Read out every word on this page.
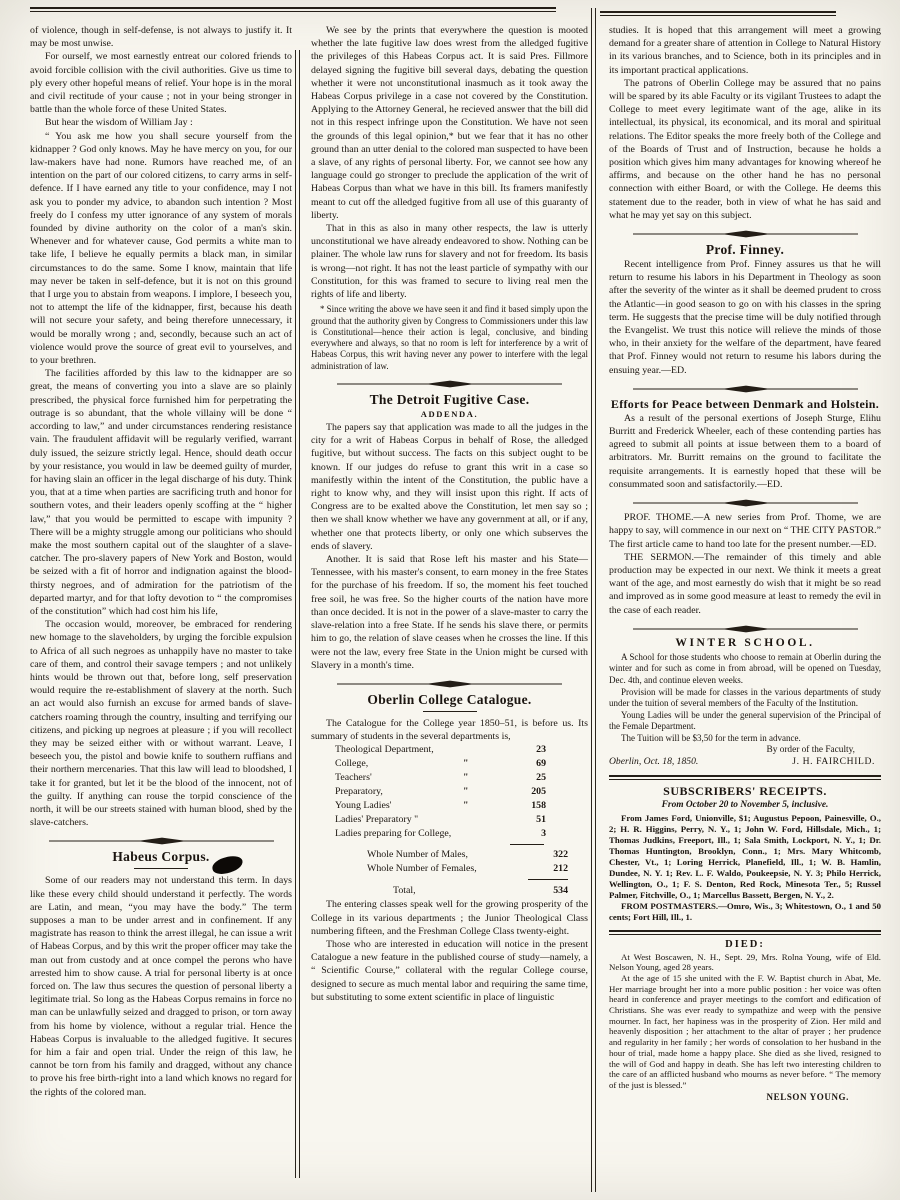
of violence, though in self-defense, is not always to justify it. It may be most unwise.

For ourself, we most earnestly entreat our colored friends to avoid forcible collision with the civil authorities. Give us time to ply every other hopeful means of relief. Your hope is in the moral and civil rectitude of your cause ; not in your being stronger in battle than the whole force of these United States.

But hear the wisdom of William Jay :

“ You ask me how you shall secure yourself from the kidnapper ? God only knows. May he have mercy on you, for our law-makers have had none. Rumors have reached me, of an intention on the part of our colored citizens, to carry arms in self-defence. If I have earned any title to your confidence, may I not ask you to ponder my advice, to abandon such intention ? Most freely do I confess my utter ignorance of any system of morals founded by divine authority on the color of a man's skin. Whenever and for whatever cause, God permits a white man to take life, I believe he equally permits a black man, in similar circumstances to do the same. Some I know, maintain that life may never be taken in self-defence, but it is not on this ground that I urge you to abstain from weapons. I implore, I beseech you, not to attempt the life of the kidnapper, first, because his death will not secure your safety, and being therefore unnecessary, it would be morally wrong ; and, secondly, because such an act of violence would prove the source of great evil to yourselves, and to your brethren.

The facilities afforded by this law to the kidnapper are so great, the means of converting you into a slave are so plainly prescribed, the physical force furnished him for perpetrating the outrage is so abundant, that the whole villainy will be done “ according to law,” and under circumstances rendering resistance vain. The fraudulent affidavit will be regularly verified, warrant duly issued, the seizure strictly legal. Hence, should death occur by your resistance, you would in law be deemed guilty of murder, for having slain an officer in the legal discharge of his duty. Think you, that at a time when parties are sacrificing truth and honor for southern votes, and their leaders openly scoffing at the “ higher law,” that you would be permitted to escape with impunity ? There will be a mighty struggle among our politicians who should make the most southern capital out of the slaughter of a slave-catcher. The pro-slavery papers of New York and Boston, would be seized with a fit of horror and indignation against the blood-thirsty negroes, and of admiration for the patriotism of the departed martyr, and for that lofty devotion to “ the compromises of the constitution” which had cost him his life,

The occasion would, moreover, be embraced for rendering new homage to the slaveholders, by urging the forcible expulsion to Africa of all such negroes as unhappily have no master to take care of them, and control their savage tempers ; and not unlikely hints would be thrown out that, before long, self preservation would require the re-establishment of slavery at the north. Such an act would also furnish an excuse for armed bands of slave-catchers roaming through the country, insulting and terrifying our citizens, and picking up negroes at pleasure ; if you will recollect they may be seized either with or without warrant. Leave, I beseech you, the pistol and bowie knife to southern ruffians and their northern mercenaries. That this law will lead to bloodshed, I take it for granted, but let it be the blood of the innocent, not of the guilty. If anything can rouse the torpid conscience of the north, it will be our streets stained with human blood, shed by the slave-catchers.

Habeus Corpus.

Some of our readers may not understand this term. In days like these every child should understand it perfectly. The words are Latin, and mean, “you may have the body.” The term supposes a man to be under arrest and in confinement. If any magistrate has reason to think the arrest illegal, he can issue a writ of Habeas Corpus, and by this writ the proper officer may take the man out from custody and at once compel the perons who have arrested him to show cause. A trial for personal liberty is at once forced on. The law thus secures the question of personal liberty a legitimate trial. So long as the Habeas Corpus remains in force no man can be unlawfully seized and dragged to prison, or torn away from his home by violence, without a regular trial. Hence the Habeas Corpus is invaluable to the alledged fugitive. It secures for him a fair and open trial. Under the reign of this law, he cannot be torn from his family and dragged, without any chance to prove his free birth-right into a land which knows no regard for the rights of the colored man.

We see by the prints that everywhere the question is mooted whether the late fugitive law does wrest from the alledged fugitive the privileges of this Habeas Corpus act. It is said Pres. Fillmore delayed signing the fugitive bill several days, debating the question whether it were not unconstitutional inasmuch as it took away the Habeas Corpus privilege in a case not covered by the Constitution. Applying to the Attorney General, he recieved answer that the bill did not in this respect infringe upon the Constitution. We have not seen the grounds of this legal opinion,* but we fear that it has no other ground than an utter denial to the colored man suspected to have been a slave, of any rights of personal liberty. For, we cannot see how any language could go stronger to preclude the application of the writ of Habeas Corpus than what we have in this bill. Its framers manifestly meant to cut off the alledged fugitive from all use of this guaranty of liberty.

That in this as also in many other respects, the law is utterly unconstitutional we have already endeavored to show. Nothing can be plainer. The whole law runs for slavery and not for freedom. Its basis is wrong—not right. It has not the least particle of sympathy with our Constitution, for this was framed to secure to living real men the rights of life and liberty.

* Since writing the above we have seen it and find it based simply upon the ground that the authority given by Congress to Commissioners under this law is Constitutional—hence their action is legal, conclusive, and binding everywhere and always, so that no room is left for interference by a writ of Habeas Corpus, this writ having never any power to interfere with the legal administration of law.

The Detroit Fugitive Case.
ADDENDA.

The papers say that application was made to all the judges in the city for a writ of Habeas Corpus in behalf of Rose, the alledged fugitive, but without success. The facts on this subject ought to be known. If our judges do refuse to grant this writ in a case so manifestly within the intent of the Constitution, the public have a right to know why, and they will insist upon this right. If acts of Congress are to be exalted above the Constitution, let men say so ; then we shall know whether we have any government at all, or if any, whether one that protects liberty, or only one which subserves the ends of slavery.

Another. It is said that Rose left his master and his State—Tennessee, with his master's consent, to earn money in the free States for the purchase of his freedom. If so, the moment his feet touched free soil, he was free. So the higher courts of the nation have more than once decided. It is not in the power of a slave-master to carry the slave-relation into a free State. If he sends his slave there, or permits him to go, the relation of slave ceases when he crosses the line. If this were not the law, every free State in the Union might be cursed with Slavery in a month's time.

Oberlin College Catalogue.

The Catalogue for the College year 1850–51, is before us. Its summary of students in the several departments is,

Theological Department,	23
College,	"	69
Teachers'	"	25
Preparatory,	"	205
Young Ladies'	"	158
Ladies' Preparatory "	51
Ladies preparing for College,	3
Whole Number of Males,	322
Whole Number of Females,	212
Total,	534

The entering classes speak well for the growing prosperity of the College in its various departments ; the Junior Theological Class numbering fifteen, and the Freshman College Class twenty-eight.

Those who are interested in education will notice in the present Catalogue a new feature in the published course of study—namely, a “ Scientific Course,” collateral with the regular College course, designed to secure as much mental labor and requiring the same time, but substituting to some extent scientific in place of linguistic

studies. It is hoped that this arrangement will meet a growing demand for a greater share of attention in College to Natural History in its various branches, and to Science, both in its principles and in its important practical applications.

The patrons of Oberlin College may be assured that no pains will be spared by its able Faculty or its vigilant Trustees to adapt the College to meet every legitimate want of the age, alike in its intellectual, its physical, its economical, and its moral and spiritual relations. The Editor speaks the more freely both of the College and of the Boards of Trust and of Instruction, because he holds a position which gives him many advantages for knowing whereof he affirms, and because on the other hand he has no personal connection with either Board, or with the College. He deems this statement due to the reader, both in view of what he has said and what he may yet say on this subject.

Prof. Finney.

Recent intelligence from Prof. Finney assures us that he will return to resume his labors in his Department in Theology as soon after the severity of the winter as it shall be deemed prudent to cross the Atlantic—in good season to go on with his classes in the spring term. He suggests that the precise time will be duly notified through the Evangelist. We trust this notice will relieve the minds of those who, in their anxiety for the welfare of the department, have feared that Prof. Finney would not return to resume his labors during the ensuing year.—ED.

Efforts for Peace between Denmark and Holstein.

As a result of the personal exertions of Joseph Sturge, Elihu Burritt and Frederick Wheeler, each of these contending parties has agreed to submit all points at issue between them to a board of arbitrators. Mr. Burritt remains on the ground to facilitate the requisite arrangements. It is earnestly hoped that these will be consummated soon and satisfactorily.—ED.

PROF. THOME.—A new series from Prof. Thome, we are happy to say, will commence in our next on “ THE CITY PASTOR.” The first article came to hand too late for the present number.—ED.

THE SERMON.—The remainder of this timely and able production may be expected in our next. We think it meets a great want of the age, and most earnestly do wish that it might be so read and improved as in some good measure at least to remedy the evil in the case of each reader.

WINTER SCHOOL.

A School for those students who choose to remain at Oberlin during the winter and for such as come in from abroad, will be opened on Tuesday, Dec. 4th, and continue eleven weeks.

Provision will be made for classes in the various departments of study under the tuition of several members of the Faculty of the Institution.

Young Ladies will be under the general supervision of the Principal of the Female Department.

The Tuition will be $3,50 for the term in advance.

By order of the Faculty,

Oberlin, Oct. 18, 1850.	J. H. FAIRCHILD.
SUBSCRIBERS' RECEIPTS.
From October 20 to November 5, inclusive.

From James Ford, Unionville, $1; Augustus Pepoon, Painesville, O., 2; H. R. Higgins, Perry, N. Y., 1; John W. Ford, Hillsdale, Mich., 1; Thomas Judkins, Freeport, Ill., 1; Sala Smith, Lockport, N. Y., 1; Dr. Thomas Huntington, Brooklyn, Conn., 1; Mrs. Mary Whitcomb, Chester, Vt., 1; Loring Herrick, Planefield, Ill., 1; W. B. Hamlin, Dundee, N. Y. 1; Rev. L. F. Waldo, Poukeepsie, N. Y. 3; Philo Herrick, Wellington, O., 1; F. S. Denton, Red Rock, Minesota Ter., 5; Russel Palmer, Fitchville, O., 1; Marcellus Bassett, Bergen, N. Y., 2.

FROM POSTMASTERS.—Omro, Wis., 3; Whitestown, O., 1 and 50 cents; Fort Hill, Ill., 1.

DIED:

At West Boscawen, N. H., Sept. 29, Mrs. Rolna Young, wife of Eld. Nelson Young, aged 28 years.

At the age of 15 she united with the F. W. Baptist church in Abat, Me. Her marriage brought her into a more public position : her voice was often heard in conference and prayer meetings to the comfort and edification of Christians. She was ever ready to sympathize and weep with the pensive mourner. In fact, her hapiness was in the prosperity of Zion. Her mild and heavenly disposition ; her attachment to the altar of prayer ; her prudence and regularity in her family ; her words of consolation to her husband in the hour of trial, made home a happy place. She died as she lived, resigned to the will of God and happy in death. She has left two interesting children to the care of an afflicted husband who mourns as never before. “ The memory of the just is blessed.”

NELSON YOUNG.
